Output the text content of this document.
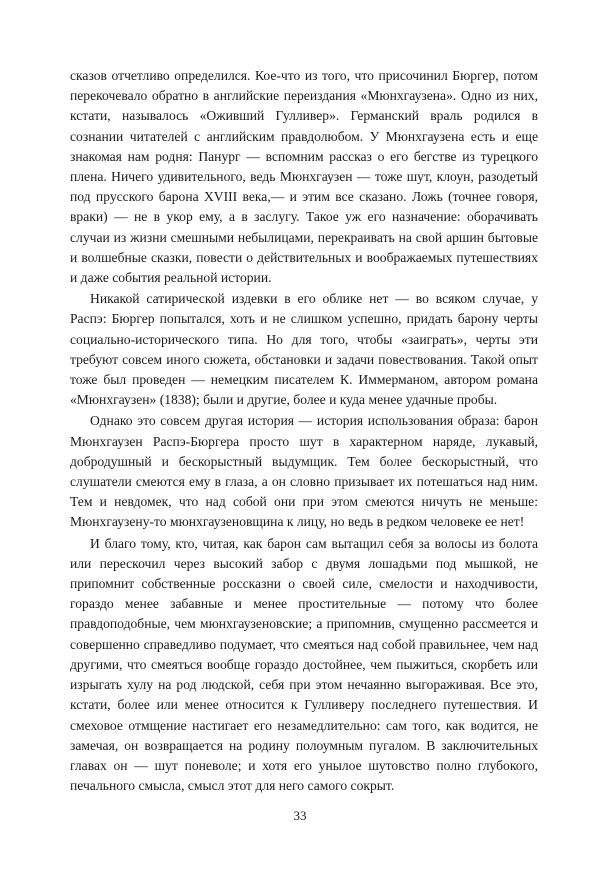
сказов отчетливо определился. Кое-что из того, что присочинил Бюргер, потом перекочевало обратно в английские переиздания «Мюнхгаузена». Одно из них, кстати, называлось «Оживший Гулливер». Германский враль родился в сознании читателей с английским правдолюбом. У Мюнхгаузена есть и еще знакомая нам родня: Панург — вспомним рассказ о его бегстве из турецкого плена. Ничего удивительного, ведь Мюнхгаузен — тоже шут, клоун, разодетый под прусского барона XVIII века,— и этим все сказано. Ложь (точнее говоря, враки) — не в укор ему, а в заслугу. Такое уж его назначение: оборачивать случаи из жизни смешными небылицами, перекраивать на свой аршин бытовые и волшебные сказки, повести о действительных и воображаемых путешествиях и даже события реальной истории.

Никакой сатирической издевки в его облике нет — во всяком случае, у Распэ: Бюргер попытался, хоть и не слишком успешно, придать барону черты социально-исторического типа. Но для того, чтобы «заиграть», черты эти требуют совсем иного сюжета, обстановки и задачи повествования. Такой опыт тоже был проведен — немецким писателем К. Иммерманом, автором романа «Мюнхгаузен» (1838); были и другие, более и куда менее удачные пробы.

Однако это совсем другая история — история использования образа: барон Мюнхгаузен Распэ-Бюргера просто шут в характерном наряде, лукавый, добродушный и бескорыстный выдумщик. Тем более бескорыстный, что слушатели смеются ему в глаза, а он словно призывает их потешаться над ним. Тем и невдомек, что над собой они при этом смеются ничуть не меньше: Мюнхгаузену-то мюнхгаузеновщина к лицу, но ведь в редком человеке ее нет!

И благо тому, кто, читая, как барон сам вытащил себя за волосы из болота или перескочил через высокий забор с двумя лошадьми под мышкой, не припомнит собственные россказни о своей силе, смелости и находчивости, гораздо менее забавные и менее простительные — потому что более правдоподобные, чем мюнхгаузеновские; а припомнив, смущенно рассмеется и совершенно справедливо подумает, что смеяться над собой правильнее, чем над другими, что смеяться вообще гораздо достойнее, чем пыжиться, скорбеть или изрыгать хулу на род людской, себя при этом нечаянно выгораживая. Все это, кстати, более или менее относится к Гулливеру последнего путешествия. И смеховое отмщение настигает его незамедлительно: сам того, как водится, не замечая, он возвращается на родину полоумным пугалом. В заключительных главах он — шут поневоле; и хотя его унылое шутовство полно глубокого, печального смысла, смысл этот для него самого сокрыт.

33
